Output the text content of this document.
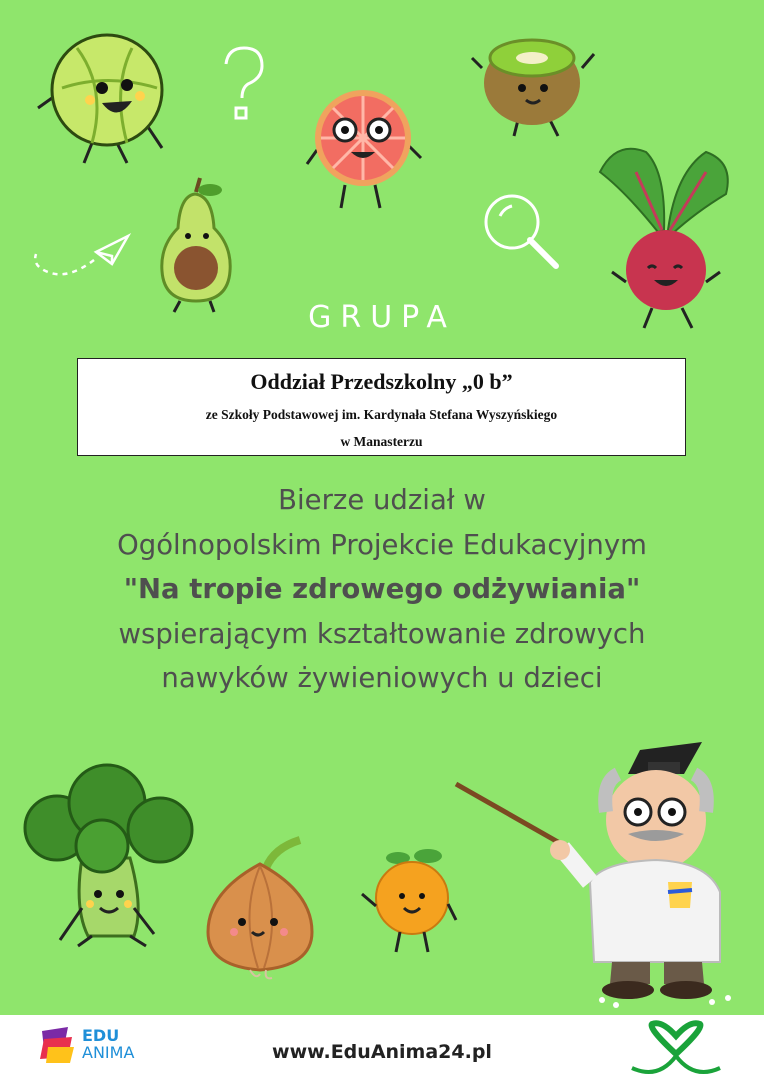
GRUPA
Oddział Przedszkolny „0 b”
ze Szkoły Podstawowej im. Kardynała Stefana Wyszyńskiego
w Manasterzu
Bierze udział w
Ogólnopolskim Projekcie Edukacyjnym
"Na tropie zdrowego odżywiania"
wspierającym kształtowanie zdrowych
nawyków żywieniowych u dzieci
EDU
ANIMA	www.EduAnima24.pl
